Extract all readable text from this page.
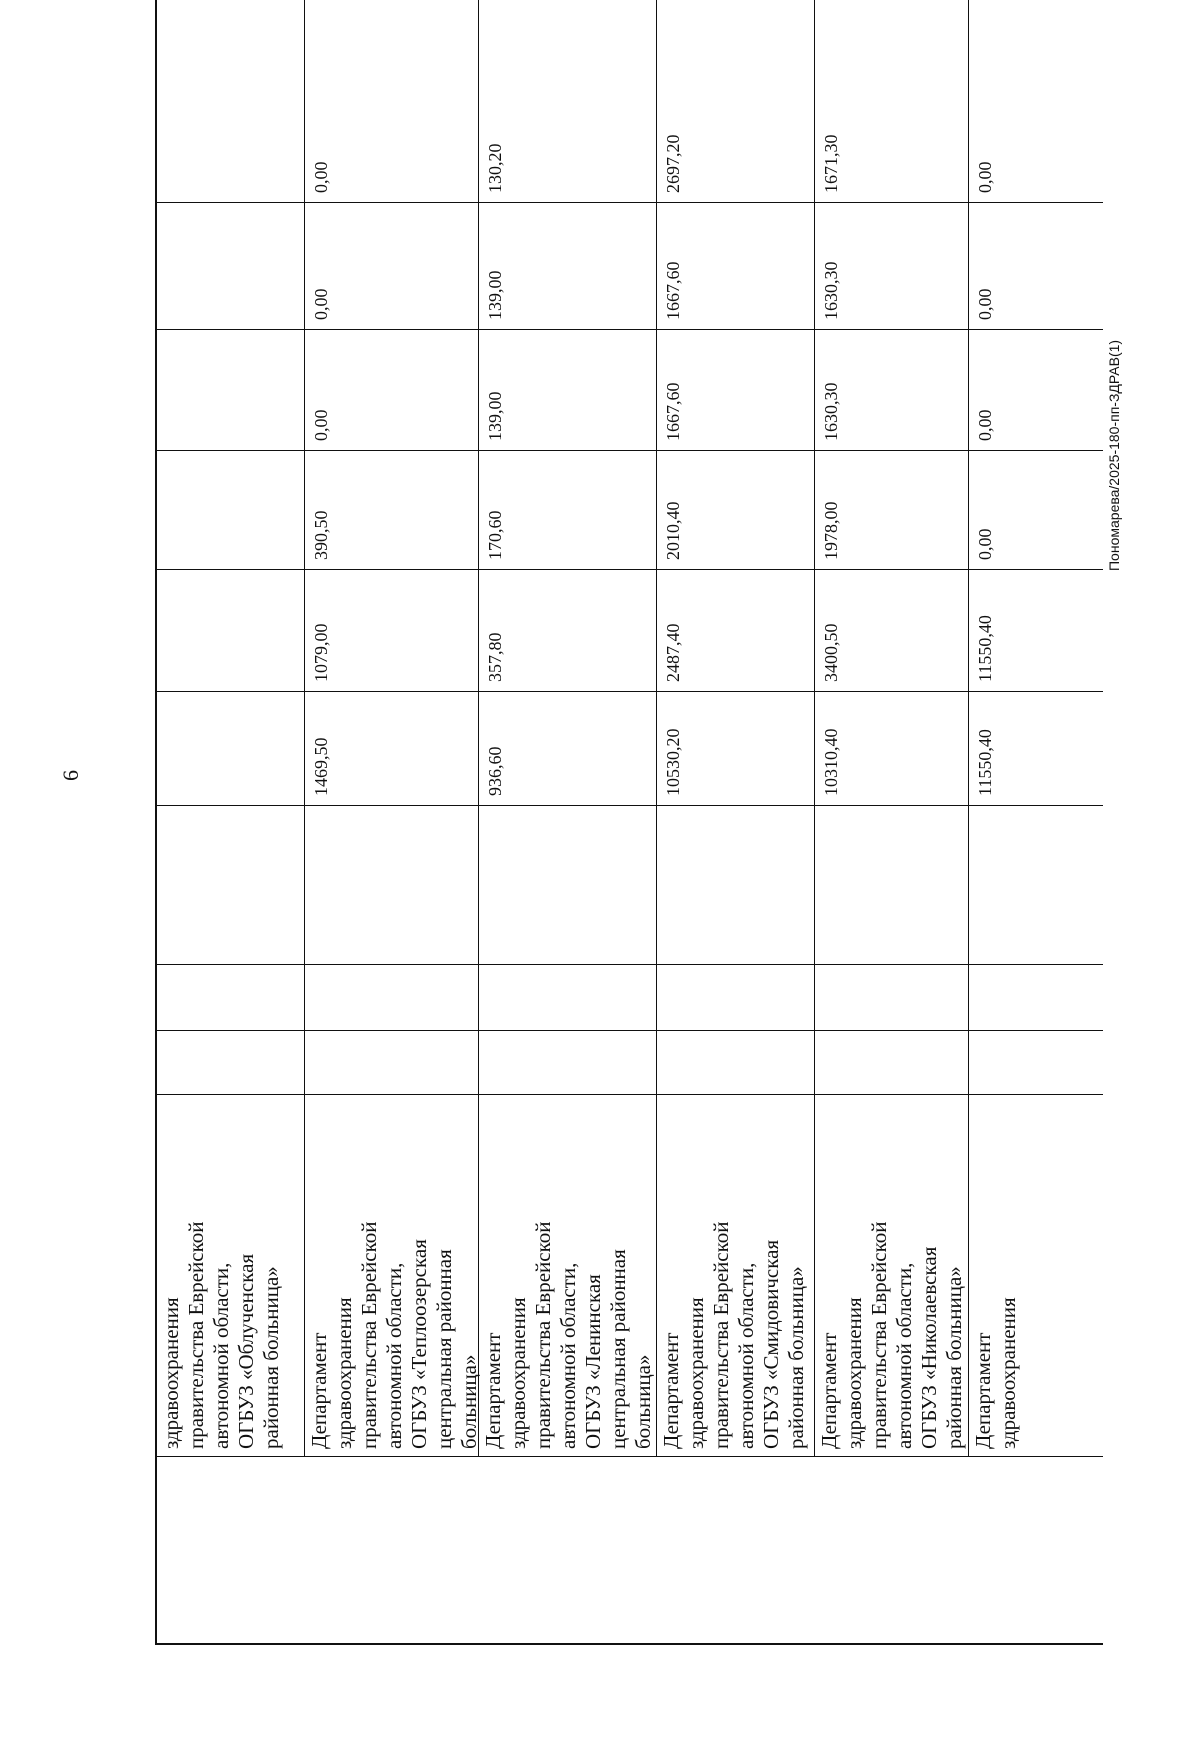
6
Пономарева/2025-180-пп-ЗДРАВ(1)
здравоохранения
правительства Еврейской
автономной области,
ОГБУЗ «Облученская
районная больница»
Департамент
здравоохранения
правительства Еврейской
автономной области,
ОГБУЗ «Теплоозерская
центральная районная
больница»
1469,50
1079,00
390,50
0,00
0,00
0,00
Департамент
здравоохранения
правительства Еврейской
автономной области,
ОГБУЗ «Ленинская
центральная районная
больница»
936,60
357,80
170,60
139,00
139,00
130,20
Департамент
здравоохранения
правительства Еврейской
автономной области,
ОГБУЗ «Смидовичская
районная больница»
10530,20
2487,40
2010,40
1667,60
1667,60
2697,20
Департамент
здравоохранения
правительства Еврейской
автономной области,
ОГБУЗ «Николаевская
районная больница»
10310,40
3400,50
1978,00
1630,30
1630,30
1671,30
Департамент
здравоохранения
11550,40
11550,40
0,00
0,00
0,00
0,00
